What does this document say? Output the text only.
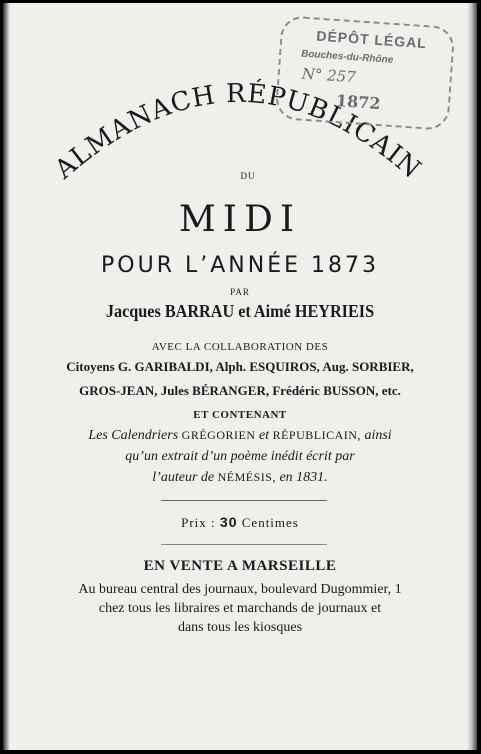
ALMANACH RÉPUBLICAIN
DÉPÔT LÉGAL
Bouches-du-Rhône
N° 257
1872
DU
MIDI
POUR L’ANNÉE 1873
PAR
Jacques BARRAU et Aimé HEYRIEIS
AVEC LA COLLABORATION DES
Citoyens G. GARIBALDI, Alph. ESQUIROS, Aug. SORBIER,
GROS-JEAN, Jules BÉRANGER, Frédéric BUSSON, etc.
ET CONTENANT
Les Calendriers GRÉGORIEN et RÉPUBLICAIN, ainsi
qu’un extrait d’un poème inédit écrit par
l’auteur de NÉMÉSIS, en 1831.
Prix : 30 Centimes
EN VENTE A MARSEILLE
Au bureau central des journaux, boulevard Dugommier, 1
chez tous les libraires et marchands de journaux et
dans tous les kiosques
